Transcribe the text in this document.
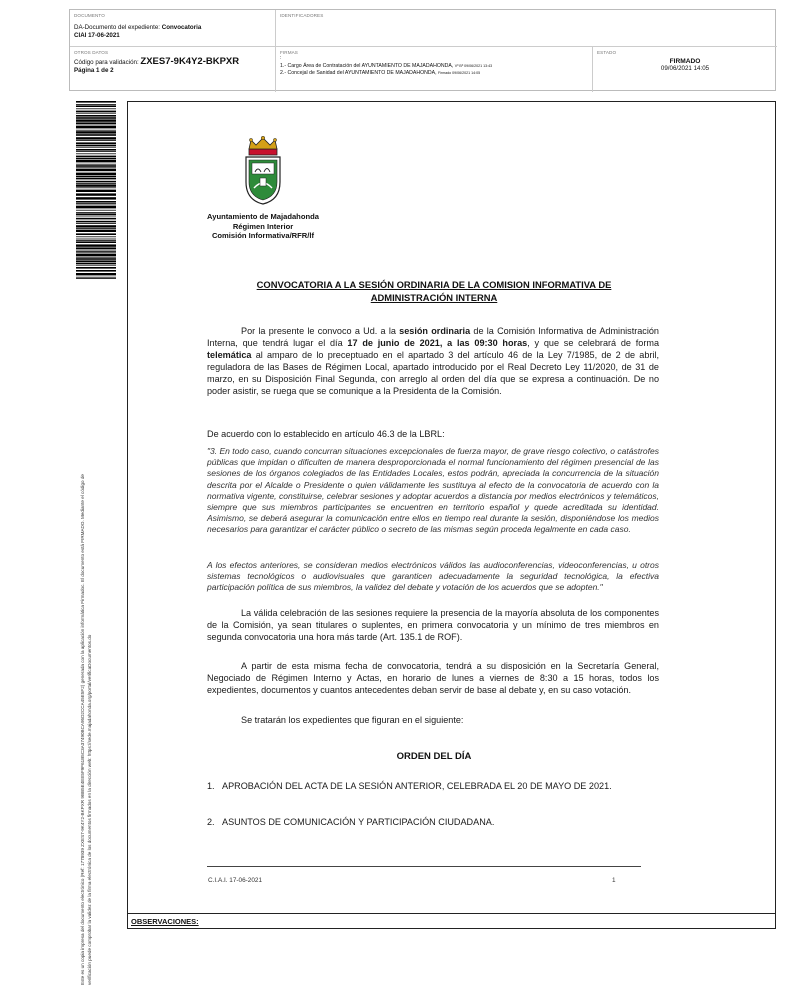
DOCUMENTO
DA-Documento del expediente: Convocatoria
CIAI 17-06-2021
IDENTIFICADORES
OTROS DATOS
Código para validación: ZXES7-9K4Y2-BKPXR
Página 1 de 2
FIRMAS
:
1.- Cargo Área de Contratación del AYUNTAMIENTO DE MAJADAHONDA, Vº Bº 09/06/2021 13:43
2.- Concejal de Sanidad del AYUNTAMIENTO DE MAJADAHONDA, Firmado 09/06/2021 14:05
ESTADO
FIRMADO
09/06/2021 14:05
Este es un copia impresa del documento electrónico (Ref: 1778939 ZXES7-9K4Y2-BKPXR 9BB5E4EE5F9F61B5C3A37490BCA95D2CCA45E5F2) generada con la aplicación informática Firmadoc. El documento está FIRMADO. Mediante el código de verificación puede comprobar la validez de la firma electrónica de los documentos firmados en la dirección web: https://sede.majadahonda.org/portal/verificaDocumentos.do
Ayuntamiento de Majadahonda
Régimen Interior
Comisión Informativa/RFR/lf
CONVOCATORIA A LA SESIÓN ORDINARIA DE LA COMISION INFORMATIVA DE
ADMINISTRACIÓN INTERNA
Por la presente le convoco a Ud. a la sesión ordinaria de la Comisión Informativa de Administración Interna, que tendrá lugar el día 17 de junio de 2021, a las 09:30 horas, y que se celebrará de forma telemática al amparo de lo preceptuado en el apartado 3 del artículo 46 de la Ley 7/1985, de 2 de abril, reguladora de las Bases de Régimen Local, apartado introducido por el Real Decreto Ley 11/2020, de 31 de marzo, en su Disposición Final Segunda, con arreglo al orden del día que se expresa a continuación. De no poder asistir, se ruega que se comunique a la Presidenta de la Comisión.
De acuerdo con lo establecido en artículo 46.3 de la LBRL:
"3. En todo caso, cuando concurran situaciones excepcionales de fuerza mayor, de grave riesgo colectivo, o catástrofes públicas que impidan o dificulten de manera desproporcionada el normal funcionamiento del régimen presencial de las sesiones de los órganos colegiados de las Entidades Locales, estos podrán, apreciada la concurrencia de la situación descrita por el Alcalde o Presidente o quien válidamente les sustituya al efecto de la convocatoria de acuerdo con la normativa vigente, constituirse, celebrar sesiones y adoptar acuerdos a distancia por medios electrónicos y telemáticos, siempre que sus miembros participantes se encuentren en territorio español y quede acreditada su identidad. Asimismo, se deberá asegurar la comunicación entre ellos en tiempo real durante la sesión, disponiéndose los medios necesarios para garantizar el carácter público o secreto de las mismas según proceda legalmente en cada caso.
A los efectos anteriores, se consideran medios electrónicos válidos las audioconferencias, videoconferencias, u otros sistemas tecnológicos o audiovisuales que garanticen adecuadamente la seguridad tecnológica, la efectiva participación política de sus miembros, la validez del debate y votación de los acuerdos que se adopten."
La válida celebración de las sesiones requiere la presencia de la mayoría absoluta de los componentes de la Comisión, ya sean titulares o suplentes, en primera convocatoria y un mínimo de tres miembros en segunda convocatoria una hora más tarde (Art. 135.1 de ROF).
A partir de esta misma fecha de convocatoria, tendrá a su disposición en la Secretaría General, Negociado de Régimen Interno y Actas, en horario de lunes a viernes de 8:30 a 15 horas, todos los expedientes, documentos y cuantos antecedentes deban servir de base al debate y, en su caso votación.
Se tratarán los expedientes que figuran en el siguiente:
ORDEN DEL DÍA
1. APROBACIÓN DEL ACTA DE LA SESIÓN ANTERIOR, CELEBRADA EL 20 DE MAYO DE 2021.
2. ASUNTOS DE COMUNICACIÓN Y PARTICIPACIÓN CIUDADANA.
C.I.A.I. 17-06-2021	1
OBSERVACIONES:
